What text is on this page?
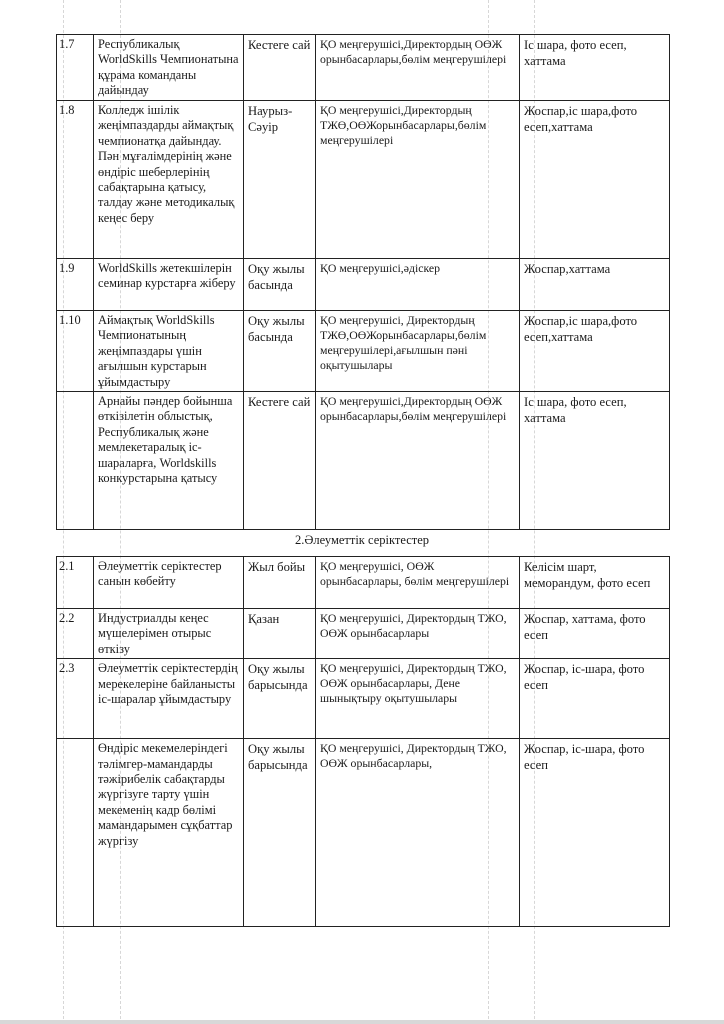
1.7	Республикалық WorldSkills Чемпионатына құрама команданы дайындау	Кестеге сай	ҚО меңгерушісі,Директордың ОӨЖ орынбасарлары,бөлім меңгерушілері	Іс шара, фото есеп, хаттама
1.8	Колледж ішілік жеңімпаздарды аймақтық чемпионатқа дайындау. Пән мұғалімдерінің және өндіріс шеберлерінің сабақтарына қатысу, талдау және методикалық кеңес беру	Наурыз-Сәуір	ҚО меңгерушісі,Директордың ТЖӨ,ОӨЖорынбасарлары,бөлім меңгерушілері	Жоспар,іс шара,фото есеп,хаттама
1.9	WorldSkills жетекшілерін семинар курстарға жіберу	Оқу жылы басында	ҚО меңгерушісі,әдіскер	Жоспар,хаттама
1.10	Аймақтық WorldSkills Чемпионатының жеңімпаздары үшін ағылшын курстарын ұйымдастыру	Оқу жылы басында	ҚО меңгерушісі, Директордың ТЖӨ,ОӨЖорынбасарлары,бөлім меңгерушілері,ағылшын пәні оқытушылары	Жоспар,іс шара,фото есеп,хаттама
	Арнайы пәндер бойынша өткізілетін облыстық, Республикалық және мемлекетаралық іс-шараларға, Worldskills конкурстарына қатысу	Кестеге сай	ҚО меңгерушісі,Директордың ОӨЖ орынбасарлары,бөлім меңгерушілері	Іс шара, фото есеп, хаттама
2.Әлеуметтік серіктестер
2.1	Әлеуметтік серіктестер санын көбейту	Жыл бойы	ҚО меңгерушісі, ОӨЖ орынбасарлары, бөлім меңгерушілері	Келісім шарт, меморандум, фото есеп
2.2	Индустриалды кеңес мүшелерімен отырыс өткізу	Қазан	ҚО меңгерушісі, Директордың ТЖО, ОӨЖ орынбасарлары	Жоспар, хаттама, фото есеп
2.3	Әлеуметтік серіктестердің мерекелеріне байланысты іс-шаралар ұйымдастыру	Оқу жылы барысында	ҚО меңгерушісі, Директордың ТЖО, ОӨЖ орынбасарлары, Дене шынықтыру оқытушылары	Жоспар, іс-шара, фото есеп
	Өндіріс мекемелеріндегі тәлімгер-мамандарды тәжірибелік сабақтарды жүргізуге тарту үшін мекеменің кадр бөлімі мамандарымен сұқбаттар жүргізу	Оқу жылы барысында	ҚО меңгерушісі, Директордың ТЖО, ОӨЖ орынбасарлары,	Жоспар, іс-шара, фото есеп
